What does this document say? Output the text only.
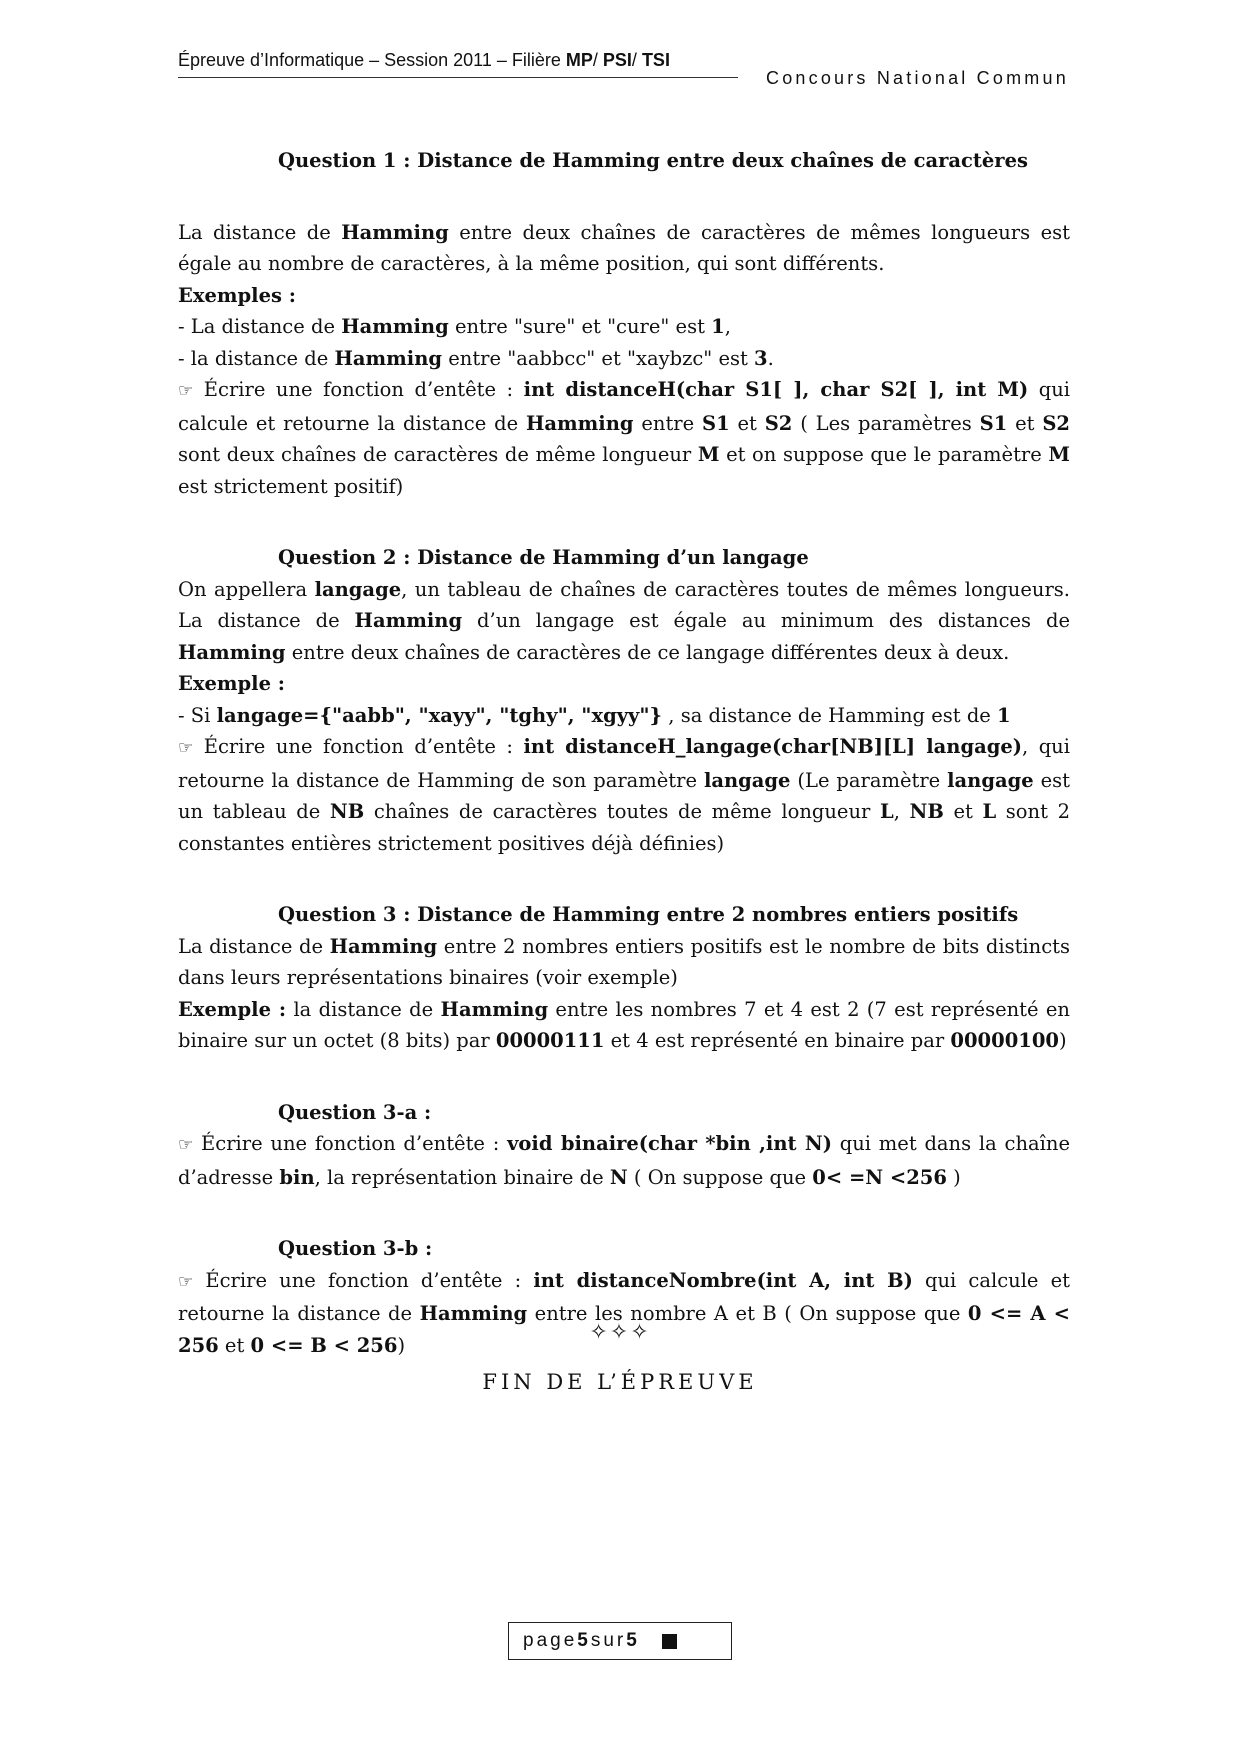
Épreuve d’Informatique – Session 2011 – Filière MP/ PSI/ TSI
Concours National Commun

Question 1 : Distance de Hamming entre deux chaînes de caractères

La distance de Hamming entre deux chaînes de caractères de mêmes longueurs est égale au nombre de caractères, à la même position, qui sont différents.

Exemples :

- La distance de Hamming entre "sure" et "cure" est 1,

- la distance de Hamming entre "aabbcc" et "xaybzc" est 3.

☞ Écrire une fonction d’entête : int distanceH(char S1[ ], char S2[ ], int M) qui calcule et retourne la distance de Hamming entre S1 et S2 ( Les paramètres S1 et S2 sont deux chaînes de caractères de même longueur M et on suppose que le paramètre M est strictement positif)

Question 2 : Distance de Hamming d’un langage

On appellera langage, un tableau de chaînes de caractères toutes de mêmes longueurs. La distance de Hamming d’un langage est égale au minimum des distances de Hamming entre deux chaînes de caractères de ce langage différentes deux à deux.

Exemple :

- Si langage={"aabb", "xayy", "tghy", "xgyy"} , sa distance de Hamming est de 1

☞ Écrire une fonction d’entête : int distanceH_langage(char[NB][L] langage), qui retourne la distance de Hamming de son paramètre langage (Le paramètre langage est un tableau de NB chaînes de caractères toutes de même longueur L, NB et L sont 2 constantes entières strictement positives déjà définies)

Question 3 : Distance de Hamming entre 2 nombres entiers positifs

La distance de Hamming entre 2 nombres entiers positifs est le nombre de bits distincts dans leurs représentations binaires (voir exemple)

Exemple : la distance de Hamming entre les nombres 7 et 4 est 2 (7 est représenté en binaire sur un octet (8 bits) par 00000111 et 4 est représenté en binaire par 00000100)

Question 3-a :

☞ Écrire une fonction d’entête : void binaire(char *bin ,int N) qui met dans la chaîne d’adresse bin, la représentation binaire de N ( On suppose que 0< =N <256 )

Question 3-b :

☞ Écrire une fonction d’entête : int distanceNombre(int A, int B) qui calcule et retourne la distance de Hamming entre les nombre A et B ( On suppose que 0 <= A < 256 et 0 <= B < 256)	✧✧✧
FIN DE L’ÉPREUVE
page 5 sur 5
